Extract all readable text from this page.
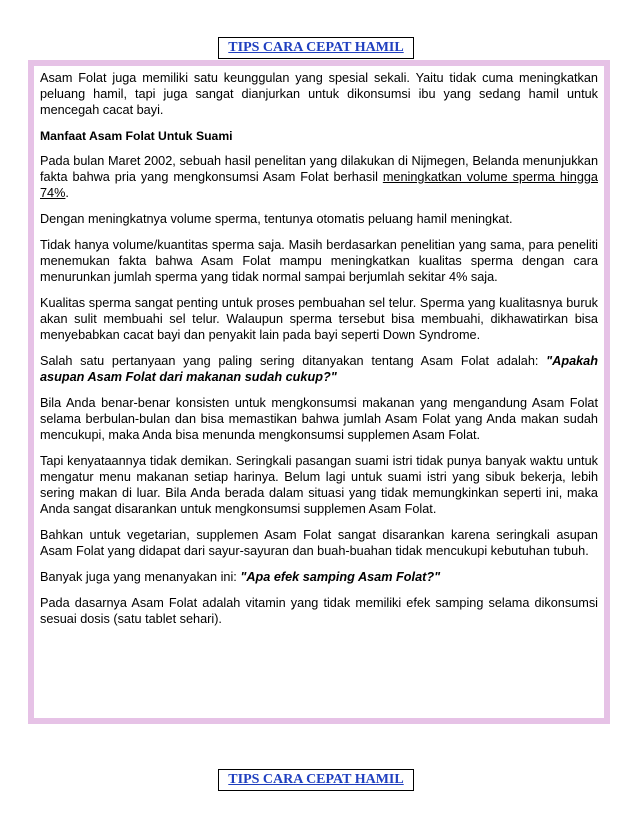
TIPS CARA CEPAT HAMIL

Asam Folat juga memiliki satu keunggulan yang spesial sekali. Yaitu tidak cuma meningkatkan peluang hamil, tapi juga sangat dianjurkan untuk dikonsumsi ibu yang sedang hamil untuk mencegah cacat bayi.

Manfaat Asam Folat Untuk Suami

Pada bulan Maret 2002, sebuah hasil penelitan yang dilakukan di Nijmegen, Belanda menunjukkan fakta bahwa pria yang mengkonsumsi Asam Folat berhasil meningkatkan volume sperma hingga 74%.

Dengan meningkatnya volume sperma, tentunya otomatis peluang hamil meningkat.

Tidak hanya volume/kuantitas sperma saja. Masih berdasarkan penelitian yang sama, para peneliti menemukan fakta bahwa Asam Folat mampu meningkatkan kualitas sperma dengan cara menurunkan jumlah sperma yang tidak normal sampai berjumlah sekitar 4% saja.

Kualitas sperma sangat penting untuk proses pembuahan sel telur. Sperma yang kualitasnya buruk akan sulit membuahi sel telur. Walaupun sperma tersebut bisa membuahi, dikhawatirkan bisa menyebabkan cacat bayi dan penyakit lain pada bayi seperti Down Syndrome.

Salah satu pertanyaan yang paling sering ditanyakan tentang Asam Folat adalah: "Apakah asupan Asam Folat dari makanan sudah cukup?"

Bila Anda benar-benar konsisten untuk mengkonsumsi makanan yang mengandung Asam Folat selama berbulan-bulan dan bisa memastikan bahwa jumlah Asam Folat yang Anda makan sudah mencukupi, maka Anda bisa menunda mengkonsumsi supplemen Asam Folat.

Tapi kenyataannya tidak demikan. Seringkali pasangan suami istri tidak punya banyak waktu untuk mengatur menu makanan setiap harinya. Belum lagi untuk suami istri yang sibuk bekerja, lebih sering makan di luar. Bila Anda berada dalam situasi yang tidak memungkinkan seperti ini, maka Anda sangat disarankan untuk mengkonsumsi supplemen Asam Folat.

Bahkan untuk vegetarian, supplemen Asam Folat sangat disarankan karena seringkali asupan Asam Folat yang didapat dari sayur-sayuran dan buah-buahan tidak mencukupi kebutuhan tubuh.

Banyak juga yang menanyakan ini: "Apa efek samping Asam Folat?"

Pada dasarnya Asam Folat adalah vitamin yang tidak memiliki efek samping selama dikonsumsi sesuai dosis (satu tablet sehari).

TIPS CARA CEPAT HAMIL
